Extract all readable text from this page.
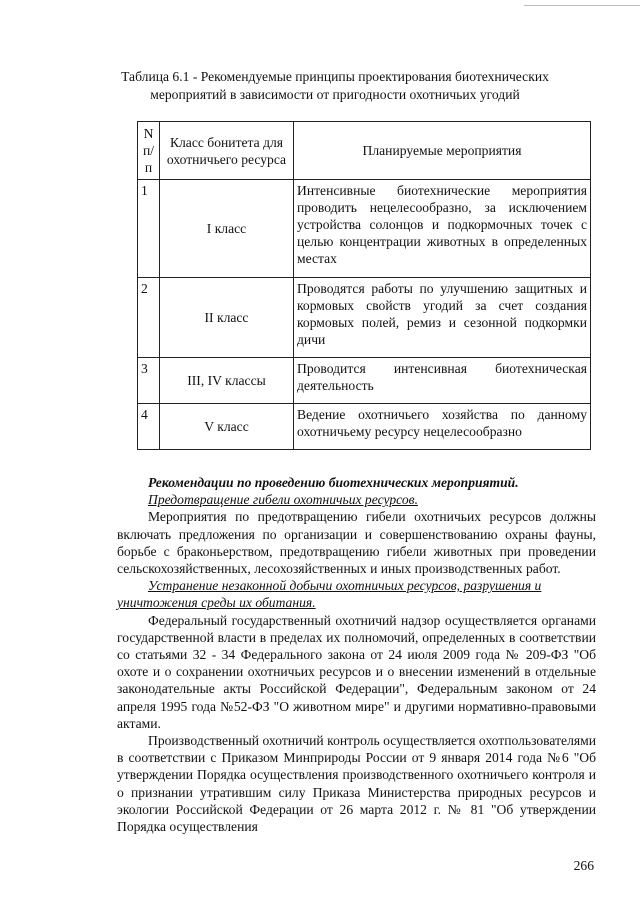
Таблица 6.1 - Рекомендуемые принципы проектирования биотехнических
мероприятий в зависимости от пригодности охотничьих угодий
N п/ п	Класс бонитета для охотничьего ресурса	Планируемые мероприятия
1	I класс	Интенсивные биотехнические мероприятия проводить нецелесообразно, за исключением устройства солонцов и подкормочных точек с целью концентрации животных в определенных местах
2	II класс	Проводятся работы по улучшению защитных и кормовых свойств угодий за счет создания кормовых полей, ремиз и сезонной подкормки дичи
3	III, IV классы	Проводится интенсивная биотехническая деятельность
4	V класс	Ведение охотничьего хозяйства по данному охотничьему ресурсу нецелесообразно

Рекомендации по проведению биотехнических мероприятий.

Предотвращение гибели охотничьих ресурсов.

Мероприятия по предотвращению гибели охотничьих ресурсов должны включать предложения по организации и совершенствованию охраны фауны, борьбе с браконьерством, предотвращению гибели животных при проведении сельскохозяйственных, лесохозяйственных и иных производственных работ.

Устранение незаконной добычи охотничьих ресурсов, разрушения и уничтожения среды их обитания.

Федеральный государственный охотничий надзор осуществляется органами государственной власти в пределах их полномочий, определенных в соответствии со статьями 32 - 34 Федерального закона от 24 июля 2009 года № 209-ФЗ "Об охоте и о сохранении охотничьих ресурсов и о внесении изменений в отдельные законодательные акты Российской Федерации", Федеральным законом от 24 апреля 1995 года №52-ФЗ "О животном мире" и другими нормативно-правовыми актами.

Производственный охотничий контроль осуществляется охотпользователями в соответствии с Приказом Минприроды России от 9 января 2014 года №6 "Об утверждении Порядка осуществления производственного охотничьего контроля и о признании утратившим силу Приказа Министерства природных ресурсов и экологии Российской Федерации от 26 марта 2012 г. № 81 "Об утверждении Порядка осуществления

266
